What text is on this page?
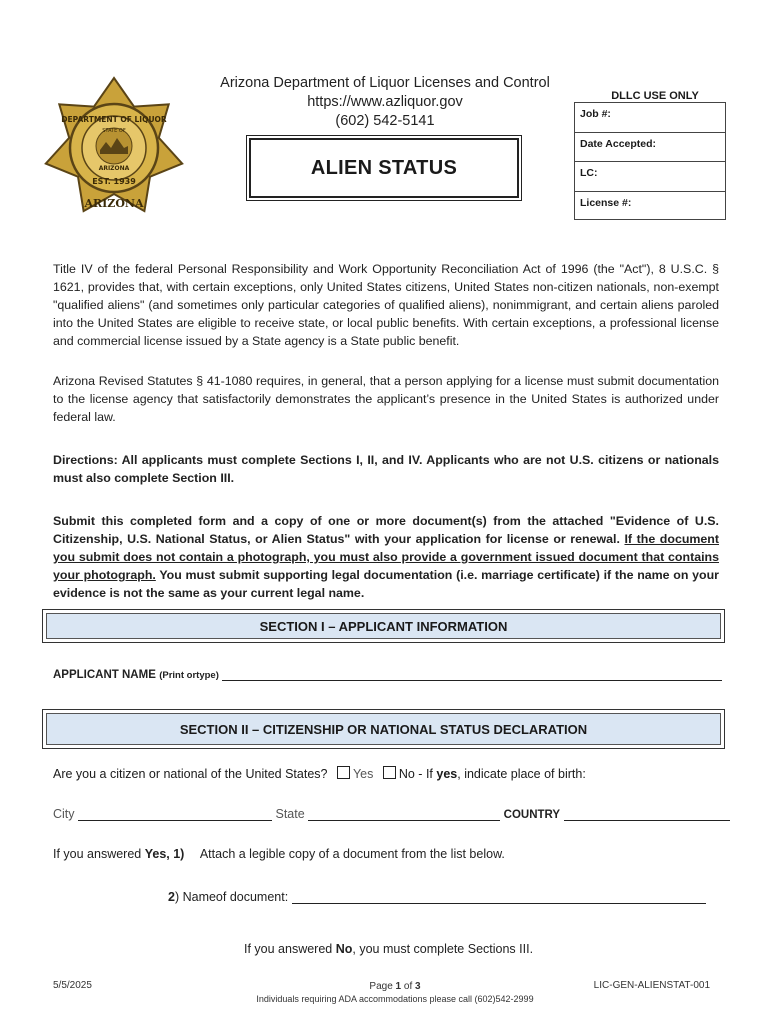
DEPARTMENT OF LIQUOR
STATE OF
ARIZONA
EST. 1939
ARIZONA
Arizona Department of Liquor Licenses and Control
https://www.azliquor.gov
(602) 542-5141
ALIEN STATUS
DLLC USE ONLY
Job #:
Date Accepted:
LC:
License #:
Title IV of the federal Personal Responsibility and Work Opportunity Reconciliation Act of 1996 (the "Act"), 8 U.S.C. § 1621, provides that, with certain exceptions, only United States citizens, United States non-citizen nationals, non-exempt "qualified aliens" (and sometimes only particular categories of qualified aliens), nonimmigrant, and certain aliens paroled into the United States are eligible to receive state, or local public benefits. With certain exceptions, a professional license and commercial license issued by a State agency is a State public benefit.
Arizona Revised Statutes § 41-1080 requires, in general, that a person applying for a license must submit documentation to the license agency that satisfactorily demonstrates the applicant’s presence in the United States is authorized under federal law.
Directions: All applicants must complete Sections I, II, and IV. Applicants who are not U.S. citizens or nationals must also complete Section III.
Submit this completed form and a copy of one or more document(s) from the attached "Evidence of U.S. Citizenship, U.S. National Status, or Alien Status" with your application for license or renewal. If the document you submit does not contain a photograph, you must also provide a government issued document that contains your photograph. You must submit supporting legal documentation (i.e. marriage certificate) if the name on your evidence is not the same as your current legal name.
SECTION I – APPLICANT INFORMATION
APPLICANT NAME (Print ortype)
SECTION II – CITIZENSHIP OR NATIONAL STATUS DECLARATION
Are you a citizen or national of the United States? Yes No - If yes, indicate place of birth:
City	State	COUNTRY
If you answered Yes, 1) Attach a legible copy of a document from the list below.
2) Nameof document:
If you answered No, you must complete Sections III.
5/5/2025	Page 1 of 3
Individuals requiring ADA accommodations please call (602)542-2999
LIC-GEN-ALIENSTAT-001
